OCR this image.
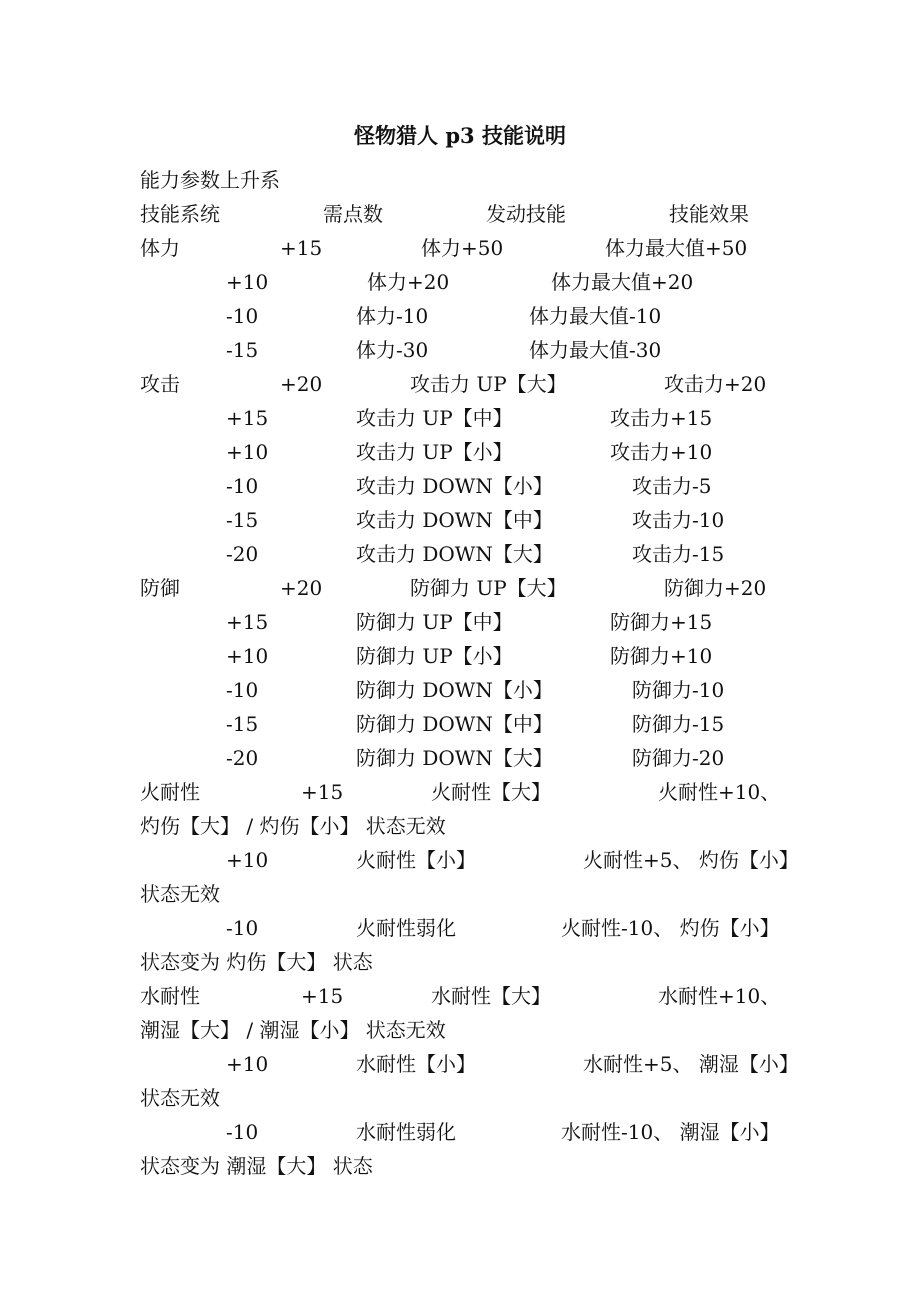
怪物猎人 p3 技能说明
能力参数上升系
技能系统	需点数	发动技能	技能效果
体力	+15	体力+50	体力最大值+50
+10	体力+20	体力最大值+20
-10	体力-10	体力最大值-10
-15	体力-30	体力最大值-30
攻击	+20	攻击力 UP【大】	攻击力+20
+15	攻击力 UP【中】	攻击力+15
+10	攻击力 UP【小】	攻击力+10
-10	攻击力 DOWN【小】	攻击力-5
-15	攻击力 DOWN【中】	攻击力-10
-20	攻击力 DOWN【大】	攻击力-15
防御	+20	防御力 UP【大】	防御力+20
+15	防御力 UP【中】	防御力+15
+10	防御力 UP【小】	防御力+10
-10	防御力 DOWN【小】	防御力-10
-15	防御力 DOWN【中】	防御力-15
-20	防御力 DOWN【大】	防御力-20
火耐性	+15	火耐性【大】	火耐性+10、
灼伤【大】 / 灼伤【小】 状态无效
+10	火耐性【小】	火耐性+5、 灼伤【小】
状态无效
-10	火耐性弱化	火耐性-10、 灼伤【小】
状态变为 灼伤【大】 状态
水耐性	+15	水耐性【大】	水耐性+10、
潮湿【大】 / 潮湿【小】 状态无效
+10	水耐性【小】	水耐性+5、 潮湿【小】
状态无效
-10	水耐性弱化	水耐性-10、 潮湿【小】
状态变为 潮湿【大】 状态
